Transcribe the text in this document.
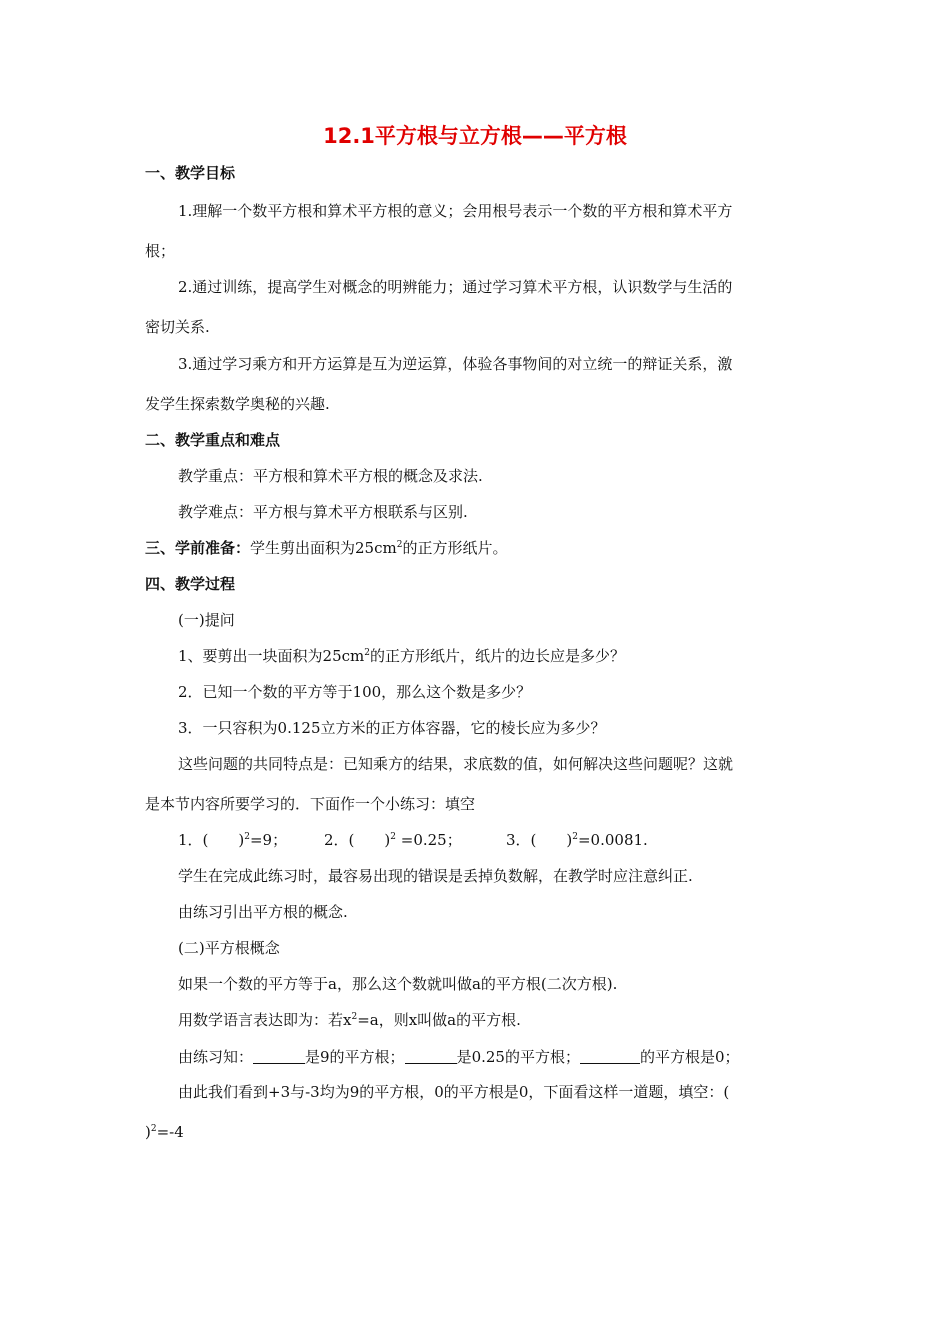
12.1平方根与立方根——平方根
一、教学目标
1.理解一个数平方根和算术平方根的意义；会用根号表示一个数的平方根和算术平方
根；
2.通过训练，提高学生对概念的明辨能力；通过学习算术平方根，认识数学与生活的
密切关系.
3.通过学习乘方和开方运算是互为逆运算，体验各事物间的对立统一的辩证关系，激
发学生探索数学奥秘的兴趣.
二、教学重点和难点
教学重点：平方根和算术平方根的概念及求法.
教学难点：平方根与算术平方根联系与区别.
三、学前准备：学生剪出面积为$25cm^2$的正方形纸片。
四、教学过程
(一)提问
1、要剪出一块面积为$25cm^2$的正方形纸片，纸片的边长应是多少？
2．已知一个数的平方等于100，那么这个数是多少？
3．一只容积为0.125立方米的正方体容器，它的棱长应为多少？
这些问题的共同特点是：已知乘方的结果，求底数的值，如何解决这些问题呢？这就
是本节内容所要学习的．下面作一个小练习：填空
1．(　　)$^2$=9； 2．(　　)$^2$ =0.25；	3．(　　)$^2$=0.0081.
学生在完成此练习时，最容易出现的错误是丢掉负数解，在教学时应注意纠正.
由练习引出平方根的概念.
(二)平方根概念
如果一个数的平方等于a，那么这个数就叫做a的平方根(二次方根).
用数学语言表达即为：若$x^2=a$，则x叫做a的平方根.
由练习知：	是9的平方根；	是0.25的平方根；	的平方根是0；
由此我们看到+3与-3均为9的平方根，0的平方根是0，下面看这样一道题，填空：(
)$^2$=-4
